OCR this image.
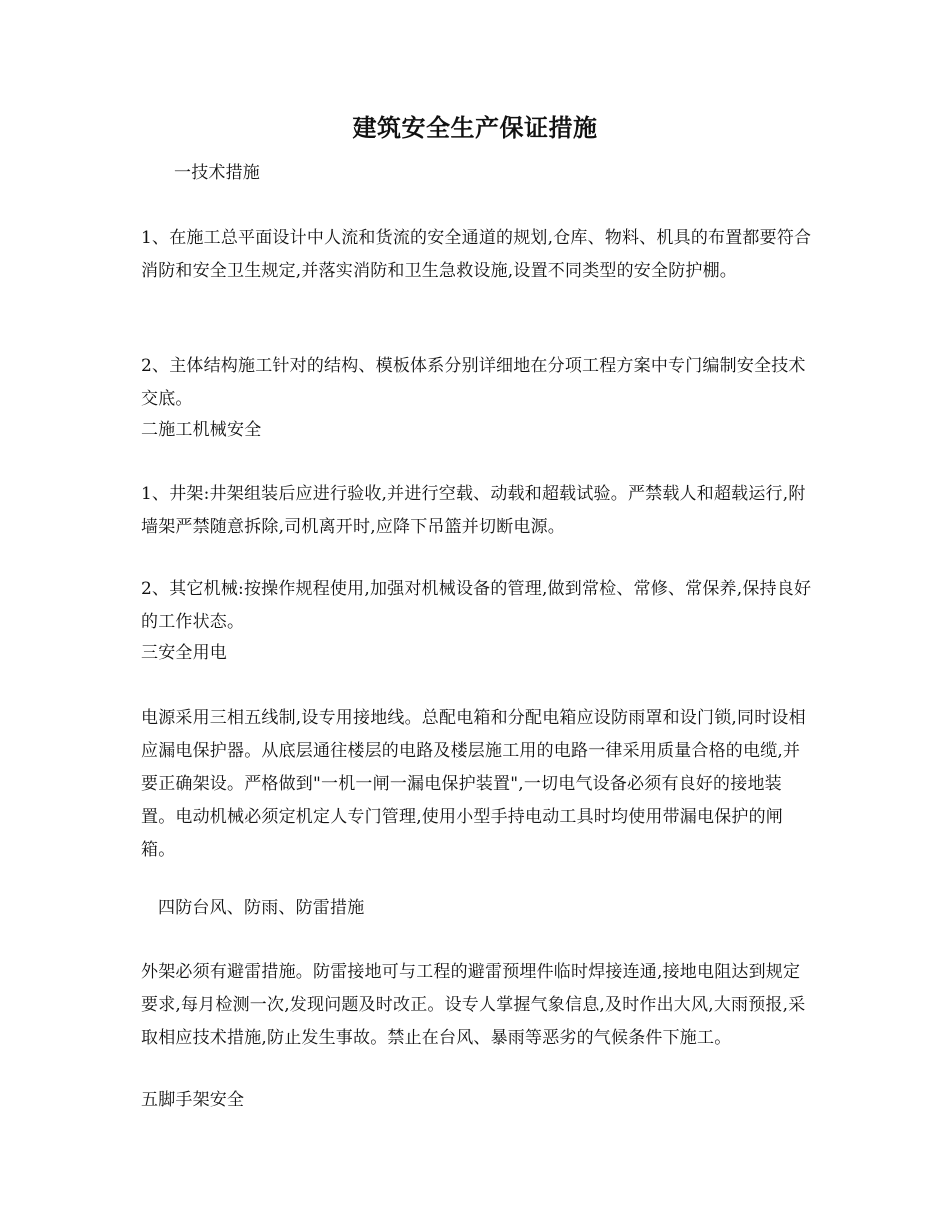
建筑安全生产保证措施
一技术措施
1、在施工总平面设计中人流和货流的安全通道的规划,仓库、物料、机具的布置都要符合消防和安全卫生规定,并落实消防和卫生急救设施,设置不同类型的安全防护棚。
2、主体结构施工针对的结构、模板体系分别详细地在分项工程方案中专门编制安全技术交底。
二施工机械安全
1、井架:井架组装后应进行验收,并进行空载、动载和超载试验。严禁载人和超载运行,附墙架严禁随意拆除,司机离开时,应降下吊篮并切断电源。
2、其它机械:按操作规程使用,加强对机械设备的管理,做到常检、常修、常保养,保持良好的工作状态。
三安全用电
电源采用三相五线制,设专用接地线。总配电箱和分配电箱应设防雨罩和设门锁,同时设相应漏电保护器。从底层通往楼层的电路及楼层施工用的电路一律采用质量合格的电缆,并要正确架设。严格做到"一机一闸一漏电保护装置",一切电气设备必须有良好的接地装置。电动机械必须定机定人专门管理,使用小型手持电动工具时均使用带漏电保护的闸箱。
四防台风、防雨、防雷措施
外架必须有避雷措施。防雷接地可与工程的避雷预埋件临时焊接连通,接地电阻达到规定要求,每月检测一次,发现问题及时改正。设专人掌握气象信息,及时作出大风,大雨预报,采取相应技术措施,防止发生事故。禁止在台风、暴雨等恶劣的气候条件下施工。
五脚手架安全
